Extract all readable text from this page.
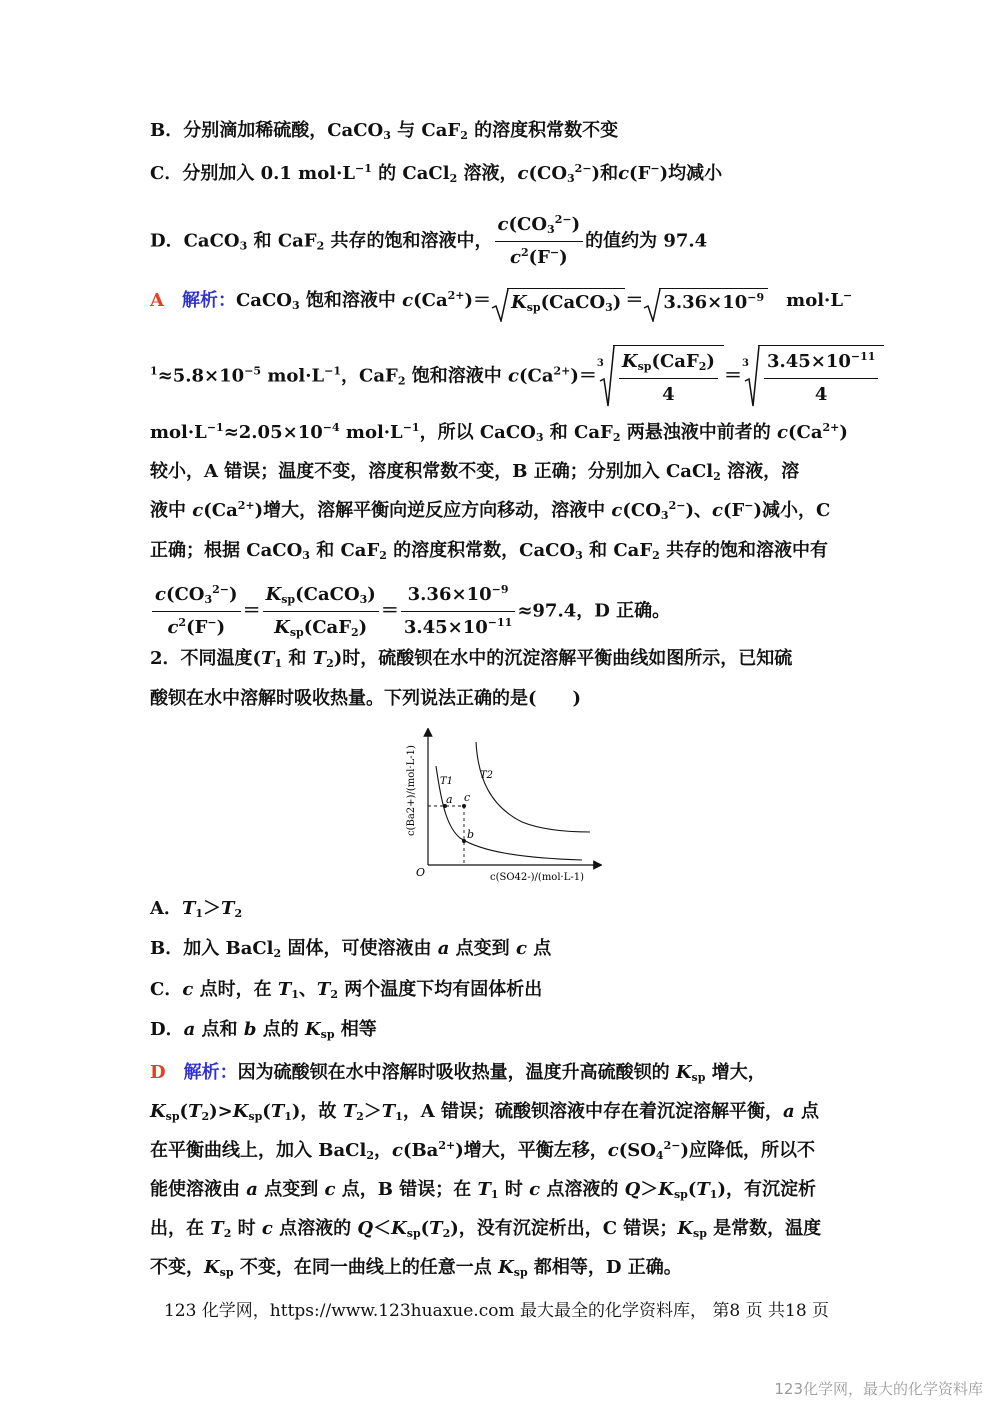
B．分别滴加稀硫酸，CaCO$_3$ 与 CaF$_2$ 的溶度积常数不变
C．分别加入 0.1 $mol\cdot L^{-1}$ 的 CaCl$_2$ 溶液，$c(CO_3^{2-})$和c(F−)均减小
D．CaCO$_3$ 和 CaF$_2$ 共存的饱和溶液中， $\frac{c(CO_3^{2-})}{c^2(F^-)}$ 的值约为 97.4
A　 解析：CaCO$_3$ 饱和溶液中 $c(Ca^{2+})=$ $K_{sp}(CaCO_3) = 3.36\times 10^{-9}$　mol·L−
$^1\approx 5.8\times 10^{-5}$ $mol\cdot L^{-1}$，CaF$_2$ 饱和溶液中 $c(Ca^{2+})=$
$3 \frac{K_{sp}(CaF_2)}{4}$ ＝
$3 \frac{3.45\times 10^{-11}}{4}$
$mol\cdot L^{-1}\approx 2.05\times 10^{-4}$ $mol\cdot L^{-1}$，所以 CaCO$_3$ 和 CaF$_2$ 两悬浊液中前者的 $c(Ca^{2+})$
较小，A 错误；温度不变，溶度积常数不变，B 正确；分别加入 CaCl$_2$ 溶液，溶
液中 $c(Ca^{2+})$增大，溶解平衡向逆反应方向移动，溶液中 $c(CO_3^{2-})$、c(F−)减小，C
正确；根据 CaCO$_3$ 和 CaF$_2$ 的溶度积常数，CaCO$_3$ 和 CaF$_2$ 共存的饱和溶液中有
$\frac{c(CO_3^{2-})}{c^2(F^-)} = \frac{K_{sp}(CaCO_3)}{K_{sp}(CaF_2)} = \frac{3.36\times 10^{-9}}{3.45\times 10^{-11}} \approx 97.4$，D 正确。
2．不同温度($T_1$ 和 $T_2$)时，硫酸钡在水中的沉淀溶解平衡曲线如图所示，已知硫
酸钡在水中溶解时吸收热量。下列说法正确的是(　　)
T1
T2
a c
b
O	c(SO42-)/(mol·L-1)
c(Ba2+)/(mol·L-1)
A．$T_1>T_2$
B．加入 BaCl$_2$ 固体，可使溶液由 a 点变到 c 点
C．c 点时，在 $T_1$、$T_2$ 两个温度下均有固体析出
D．a 点和 b 点的 $K_{sp}$ 相等
D　 解析：因为硫酸钡在水中溶解时吸收热量，温度升高硫酸钡的 $K_{sp}$ 增大，
$K_{sp}(T_2)>K_{sp}(T_1)$，故 $T_2>T_1$，A 错误；硫酸钡溶液中存在着沉淀溶解平衡，a 点
在平衡曲线上，加入 BaCl$_2$，$c(Ba^{2+})$增大，平衡左移，$c(SO_4^{2-})$应降低，所以不
能使溶液由 a 点变到 c 点，B 错误；在 $T_1$ 时 c 点溶液的 $Q>K_{sp}(T_1)$，有沉淀析
出，在 $T_2$ 时 c 点溶液的 $Q<K_{sp}(T_2)$，没有沉淀析出，C 错误；$K_{sp}$ 是常数，温度
不变，$K_{sp}$ 不变，在同一曲线上的任意一点 $K_{sp}$ 都相等，D 正确。
123 化学网，https://www.123huaxue.com 最大最全的化学资料库， 第8 页 共18 页
123化学网，最大的化学资料库
